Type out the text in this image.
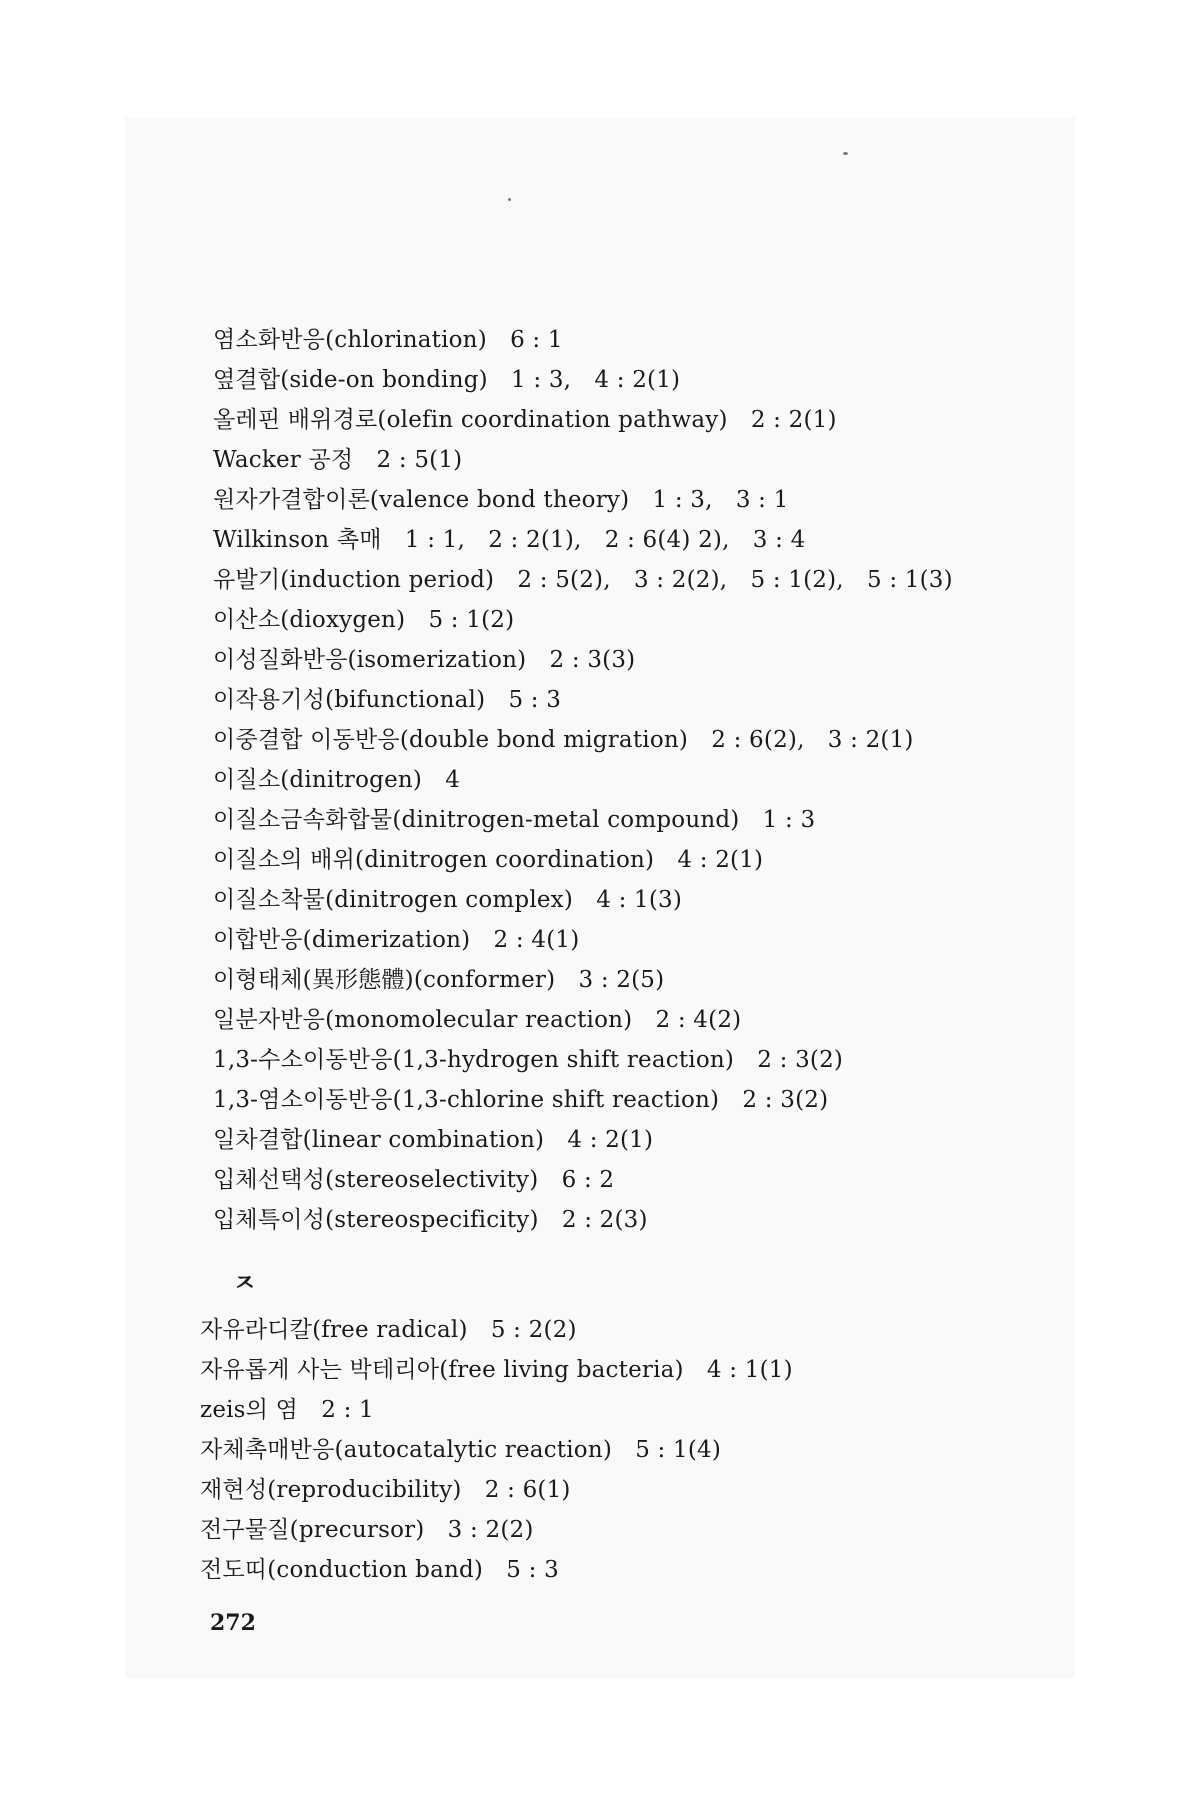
염소화반응(chlorination)　6 : 1
옆결합(side-on bonding)　1 : 3,　4 : 2(1)
올레핀 배위경로(olefin coordination pathway)　2 : 2(1)
Wacker 공정　2 : 5(1)
원자가결합이론(valence bond theory)　1 : 3,　3 : 1
Wilkinson 촉매　1 : 1,　2 : 2(1),　2 : 6(4) 2),　3 : 4
유발기(induction period)　2 : 5(2),　3 : 2(2),　5 : 1(2),　5 : 1(3)
이산소(dioxygen)　5 : 1(2)
이성질화반응(isomerization)　2 : 3(3)
이작용기성(bifunctional)　5 : 3
이중결합 이동반응(double bond migration)　2 : 6(2),　3 : 2(1)
이질소(dinitrogen)　4
이질소금속화합물(dinitrogen-metal compound)　1 : 3
이질소의 배위(dinitrogen coordination)　4 : 2(1)
이질소착물(dinitrogen complex)　4 : 1(3)
이합반응(dimerization)　2 : 4(1)
이형태체(異形態體)(conformer)　3 : 2(5)
일분자반응(monomolecular reaction)　2 : 4(2)
1,3-수소이동반응(1,3-hydrogen shift reaction)　2 : 3(2)
1,3-염소이동반응(1,3-chlorine shift reaction)　2 : 3(2)
일차결합(linear combination)　4 : 2(1)
입체선택성(stereoselectivity)　6 : 2
입체특이성(stereospecificity)　2 : 2(3)
ㅈ
자유라디칼(free radical)　5 : 2(2)
자유롭게 사는 박테리아(free living bacteria)　4 : 1(1)
zeis의 염　2 : 1
자체촉매반응(autocatalytic reaction)　5 : 1(4)
재현성(reproducibility)　2 : 6(1)
전구물질(precursor)　3 : 2(2)
전도띠(conduction band)　5 : 3
272
